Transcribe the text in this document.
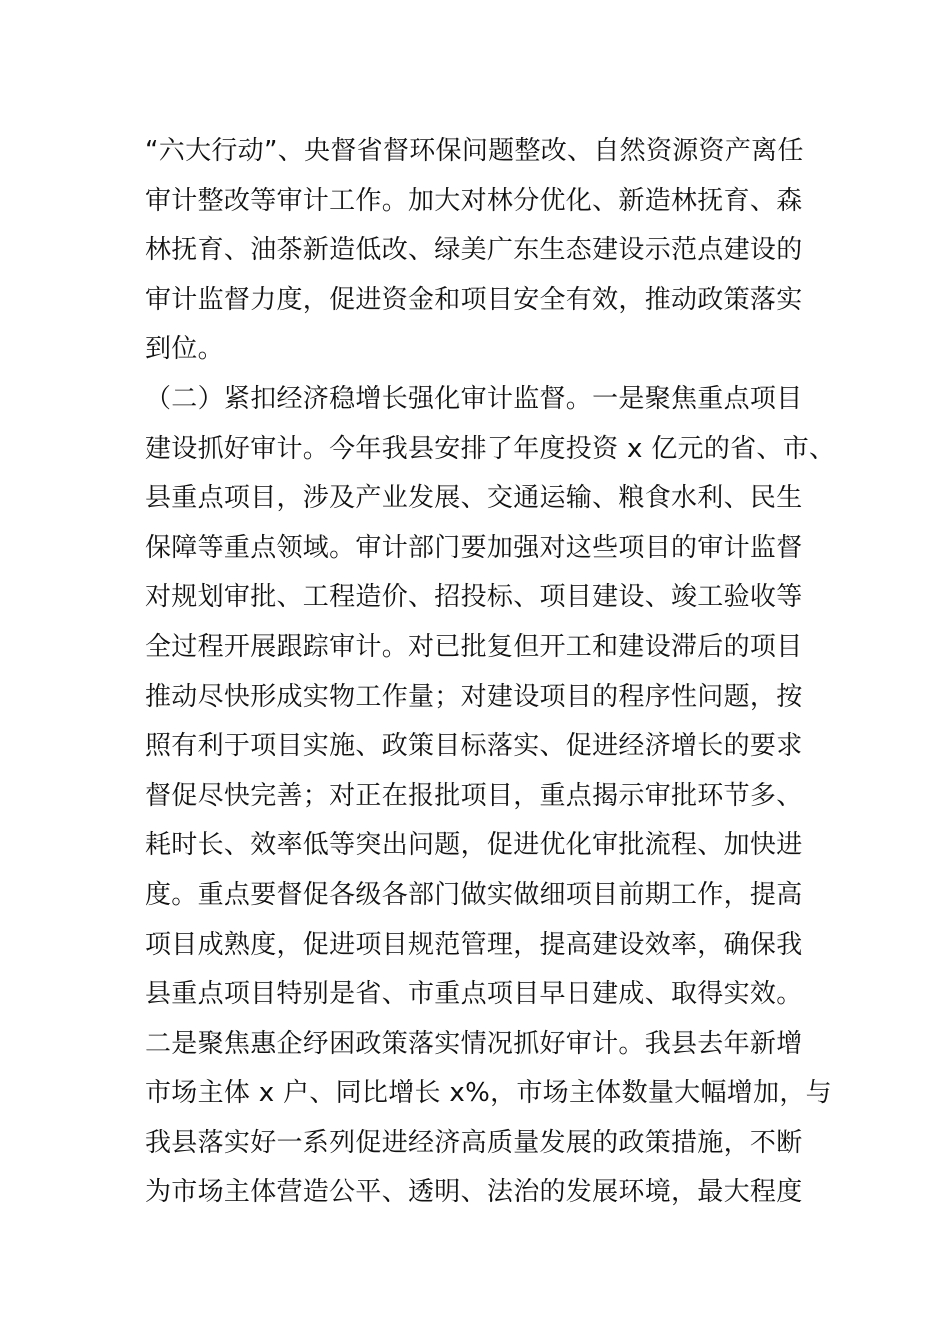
“六大行动”、央督省督环保问题整改、自然资源资产离任
审计整改等审计工作。加大对林分优化、新造林抚育、森
林抚育、油茶新造低改、绿美广东生态建设示范点建设的
审计监督力度，促进资金和项目安全有效，推动政策落实
到位。
（二）紧扣经济稳增长强化审计监督。一是聚焦重点项目
建设抓好审计。今年我县安排了年度投资 x 亿元的省、市、
县重点项目，涉及产业发展、交通运输、粮食水利、民生
保障等重点领域。审计部门要加强对这些项目的审计监督
对规划审批、工程造价、招投标、项目建设、竣工验收等
全过程开展跟踪审计。对已批复但开工和建设滞后的项目
推动尽快形成实物工作量；对建设项目的程序性问题，按
照有利于项目实施、政策目标落实、促进经济增长的要求
督促尽快完善；对正在报批项目，重点揭示审批环节多、
耗时长、效率低等突出问题，促进优化审批流程、加快进
度。重点要督促各级各部门做实做细项目前期工作，提高
项目成熟度，促进项目规范管理，提高建设效率，确保我
县重点项目特别是省、市重点项目早日建成、取得实效。
二是聚焦惠企纾困政策落实情况抓好审计。我县去年新增
市场主体 x 户、同比增长 x%，市场主体数量大幅增加，与
我县落实好一系列促进经济高质量发展的政策措施，不断
为市场主体营造公平、透明、法治的发展环境，最大程度
